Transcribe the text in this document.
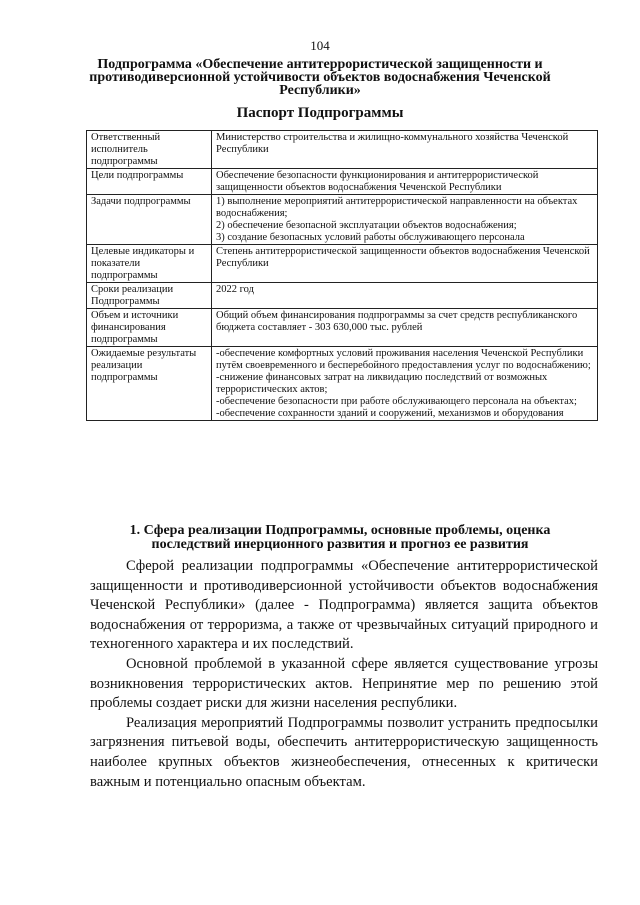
104
Подпрограмма «Обеспечение антитеррористической защищенности и противодиверсионной устойчивости объектов водоснабжения Чеченской Республики»
Паспорт Подпрограммы
Ответственный исполнитель подпрограммы	Министерство строительства и жилищно-коммунального хозяйства Чеченской Республики
Цели подпрограммы	Обеспечение безопасности функционирования и антитеррористической защищенности объектов водоснабжения Чеченской Республики
Задачи подпрограммы	1) выполнение мероприятий антитеррористической направленности на объектах водоснабжения;
2) обеспечение безопасной эксплуатации объектов водоснабжения;
3) создание безопасных условий работы обслуживающего персонала
Целевые индикаторы и показатели подпрограммы	Степень антитеррористической защищенности объектов водоснабжения Чеченской Республики
Сроки реализации Подпрограммы	2022 год
Объем и источники финансирования подпрограммы	Общий объем финансирования подпрограммы за счет средств республиканского бюджета составляет - 303 630,000 тыс. рублей
Ожидаемые результаты реализации подпрограммы	-обеспечение комфортных условий проживания населения Чеченской Республики путём своевременного и бесперебойного предоставления услуг по водоснабжению;
-снижение финансовых затрат на ликвидацию последствий от возможных террористических актов;
-обеспечение безопасности при работе обслуживающего персонала на объектах;
-обеспечение сохранности зданий и сооружений, механизмов и оборудования
1. Сфера реализации Подпрограммы, основные проблемы, оценка
последствий инерционного развития и прогноз ее развития

Сферой реализации подпрограммы «Обеспечение антитеррористической защищенности и противодиверсионной устойчивости объектов водоснабжения Чеченской Республики» (далее - Подпрограмма) является защита объектов водоснабжения от терроризма, а также от чрезвычайных ситуаций природного и техногенного характера и их последствий.

Основной проблемой в указанной сфере является существование угрозы возникновения террористических актов. Непринятие мер по решению этой проблемы создает риски для жизни населения республики.

Реализация мероприятий Подпрограммы позволит устранить предпосылки загрязнения питьевой воды, обеспечить антитеррористическую защищенность наиболее крупных объектов жизнеобеспечения, отнесенных к критически важным и потенциально опасным объектам.
